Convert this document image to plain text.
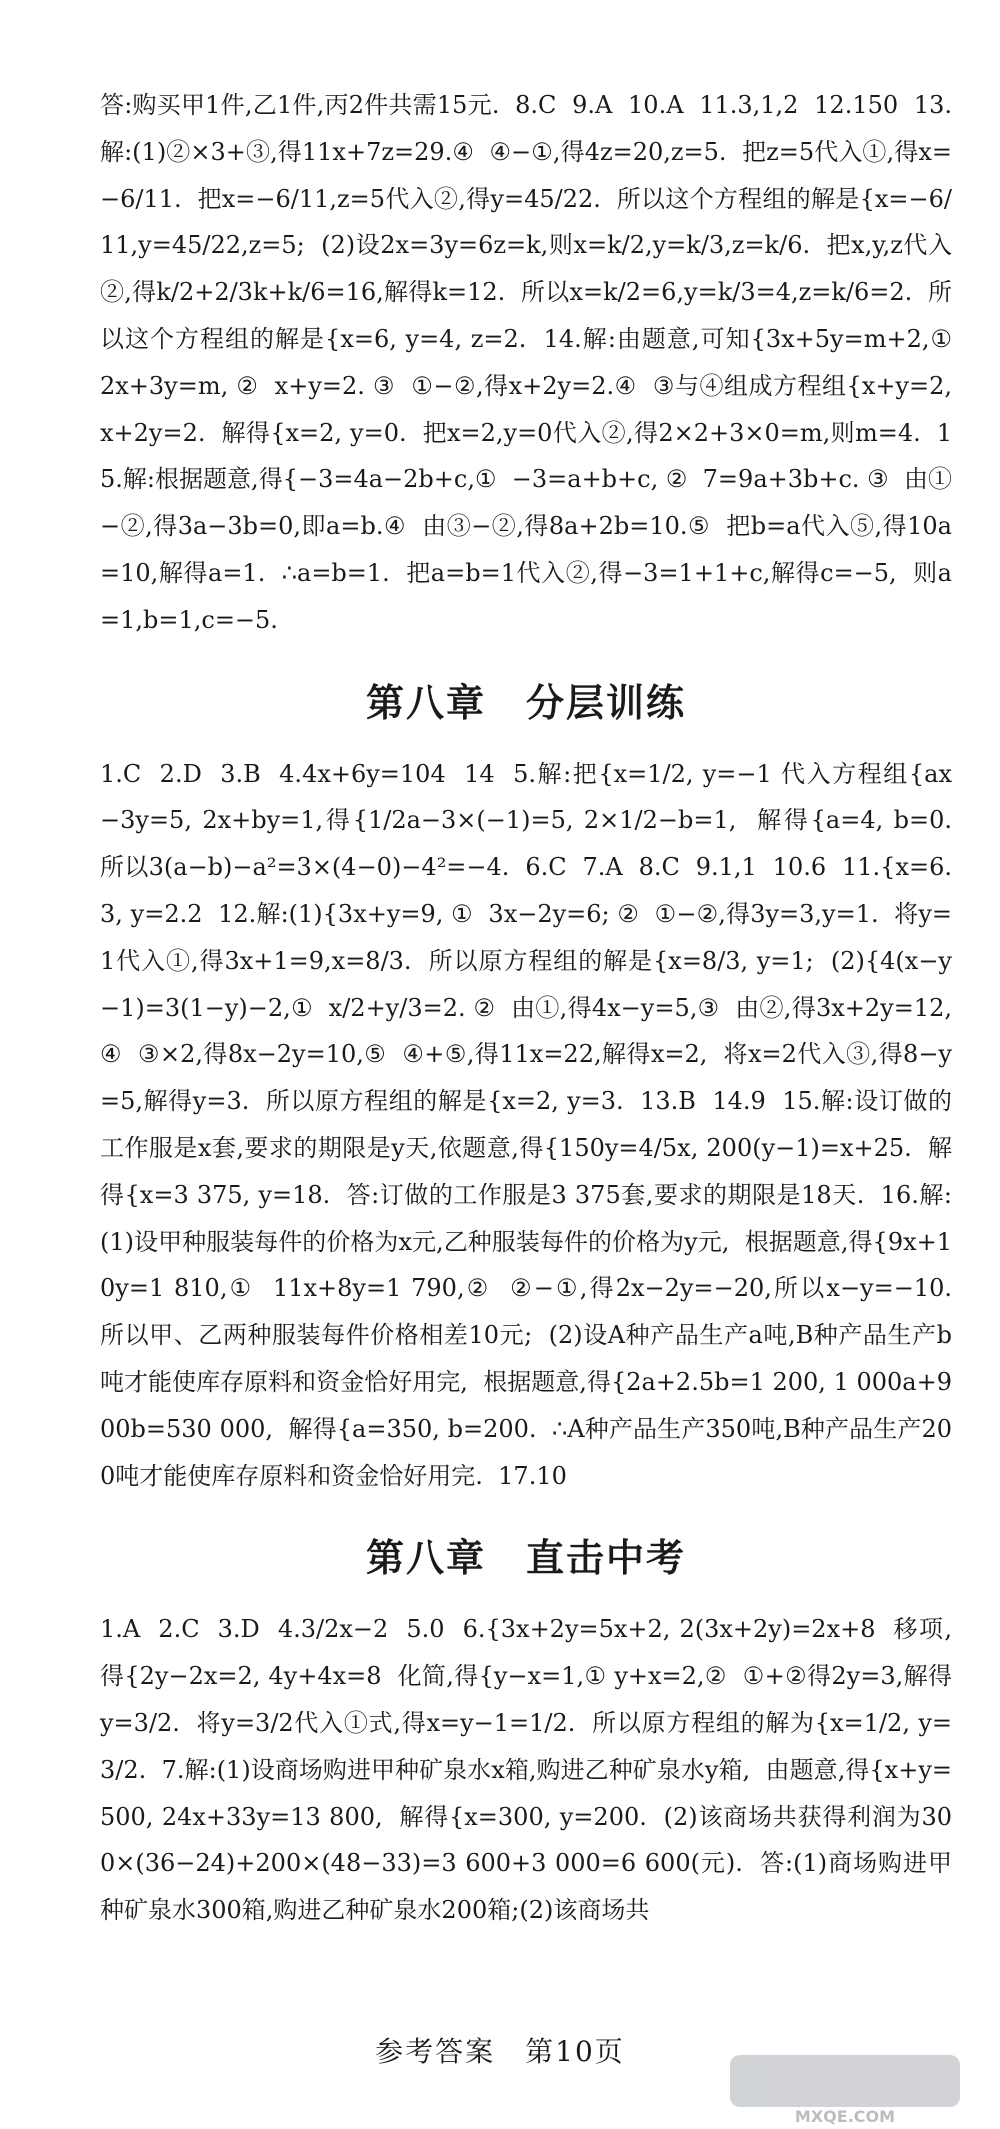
答:购买甲1件,乙1件,丙2件共需15元.  8.C  9.A  10.A  11.3,1,2  12.150  13.解:(1)②×3+③,得11x+7z=29.④  ④−①,得4z=20,z=5.  把z=5代入①,得x=−6/11.  把x=−6/11,z=5代入②,得y=45/22.  所以这个方程组的解是{x=−6/11,y=45/22,z=5;  (2)设2x=3y=6z=k,则x=k/2,y=k/3,z=k/6.  把x,y,z代入②,得k/2+2/3k+k/6=16,解得k=12.  所以x=k/2=6,y=k/3=4,z=k/6=2.  所以这个方程组的解是{x=6, y=4, z=2.  14.解:由题意,可知{3x+5y=m+2,①  2x+3y=m, ②  x+y=2. ③  ①−②,得x+2y=2.④  ③与④组成方程组{x+y=2, x+2y=2.  解得{x=2, y=0.  把x=2,y=0代入②,得2×2+3×0=m,则m=4.  15.解:根据题意,得{−3=4a−2b+c,①  −3=a+b+c, ②  7=9a+3b+c. ③  由①−②,得3a−3b=0,即a=b.④  由③−②,得8a+2b=10.⑤  把b=a代入⑤,得10a=10,解得a=1.  ∴a=b=1.  把a=b=1代入②,得−3=1+1+c,解得c=−5,  则a=1,b=1,c=−5.

第八章　分层训练

1.C  2.D  3.B  4.4x+6y=104  14  5.解:把{x=1/2, y=−1 代入方程组{ax−3y=5, 2x+by=1,得{1/2a−3×(−1)=5, 2×1/2−b=1,  解得{a=4, b=0.  所以3(a−b)−a²=3×(4−0)−4²=−4.  6.C  7.A  8.C  9.1,1  10.6  11.{x=6.3, y=2.2  12.解:(1){3x+y=9, ①  3x−2y=6; ②  ①−②,得3y=3,y=1.  将y=1代入①,得3x+1=9,x=8/3.  所以原方程组的解是{x=8/3, y=1;  (2){4(x−y−1)=3(1−y)−2,①  x/2+y/3=2. ②  由①,得4x−y=5,③  由②,得3x+2y=12,④  ③×2,得8x−2y=10,⑤  ④+⑤,得11x=22,解得x=2,  将x=2代入③,得8−y=5,解得y=3.  所以原方程组的解是{x=2, y=3.  13.B  14.9  15.解:设订做的工作服是x套,要求的期限是y天,依题意,得{150y=4/5x, 200(y−1)=x+25.  解得{x=3 375, y=18.  答:订做的工作服是3 375套,要求的期限是18天.  16.解:(1)设甲种服装每件的价格为x元,乙种服装每件的价格为y元,  根据题意,得{9x+10y=1 810,①  11x+8y=1 790,②  ②−①,得2x−2y=−20,所以x−y=−10.  所以甲、乙两种服装每件价格相差10元;  (2)设A种产品生产a吨,B种产品生产b吨才能使库存原料和资金恰好用完,  根据题意,得{2a+2.5b=1 200, 1 000a+900b=530 000,  解得{a=350, b=200.  ∴A种产品生产350吨,B种产品生产200吨才能使库存原料和资金恰好用完.  17.10

第八章　直击中考

1.A  2.C  3.D  4.3/2x−2  5.0  6.{3x+2y=5x+2, 2(3x+2y)=2x+8  移项,得{2y−2x=2, 4y+4x=8  化简,得{y−x=1,① y+x=2,②  ①+②得2y=3,解得y=3/2.  将y=3/2代入①式,得x=y−1=1/2.  所以原方程组的解为{x=1/2, y=3/2.  7.解:(1)设商场购进甲种矿泉水x箱,购进乙种矿泉水y箱,  由题意,得{x+y=500, 24x+33y=13 800,  解得{x=300, y=200.  (2)该商场共获得利润为300×(36−24)+200×(48−33)=3 600+3 000=6 600(元).  答:(1)商场购进甲种矿泉水300箱,购进乙种矿泉水200箱;(2)该商场共

参考答案　第10页
MXQE.COM
